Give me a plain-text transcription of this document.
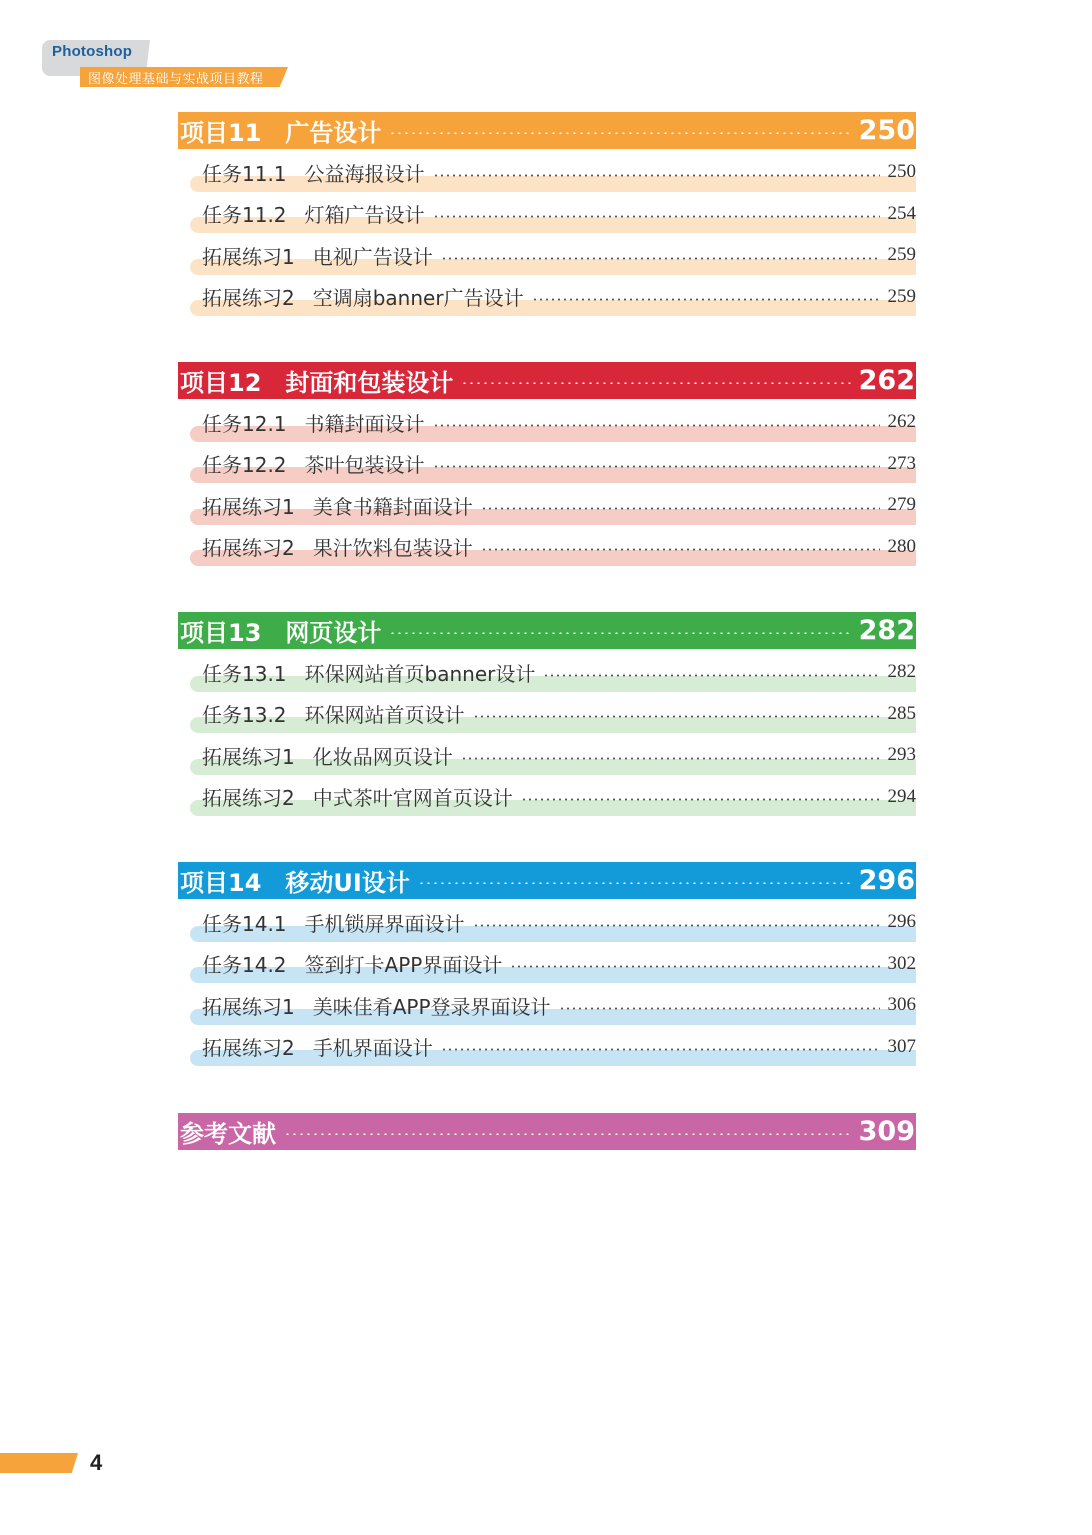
Photoshop
图像处理基础与实战项目教程
项目11 广告设计	250
任务11.1 公益海报设计	250
任务11.2 灯箱广告设计	254
拓展练习1 电视广告设计	259
拓展练习2 空调扇banner广告设计	259
项目12 封面和包装设计	262
任务12.1 书籍封面设计	262
任务12.2 茶叶包装设计	273
拓展练习1 美食书籍封面设计	279
拓展练习2 果汁饮料包装设计	280
项目13 网页设计	282
任务13.1 环保网站首页banner设计	282
任务13.2 环保网站首页设计	285
拓展练习1 化妆品网页设计	293
拓展练习2 中式茶叶官网首页设计	294
项目14 移动UI设计	296
任务14.1 手机锁屏界面设计	296
任务14.2 签到打卡APP界面设计	302
拓展练习1 美味佳肴APP登录界面设计	306
拓展练习2 手机界面设计	307
参考文献	309
4
